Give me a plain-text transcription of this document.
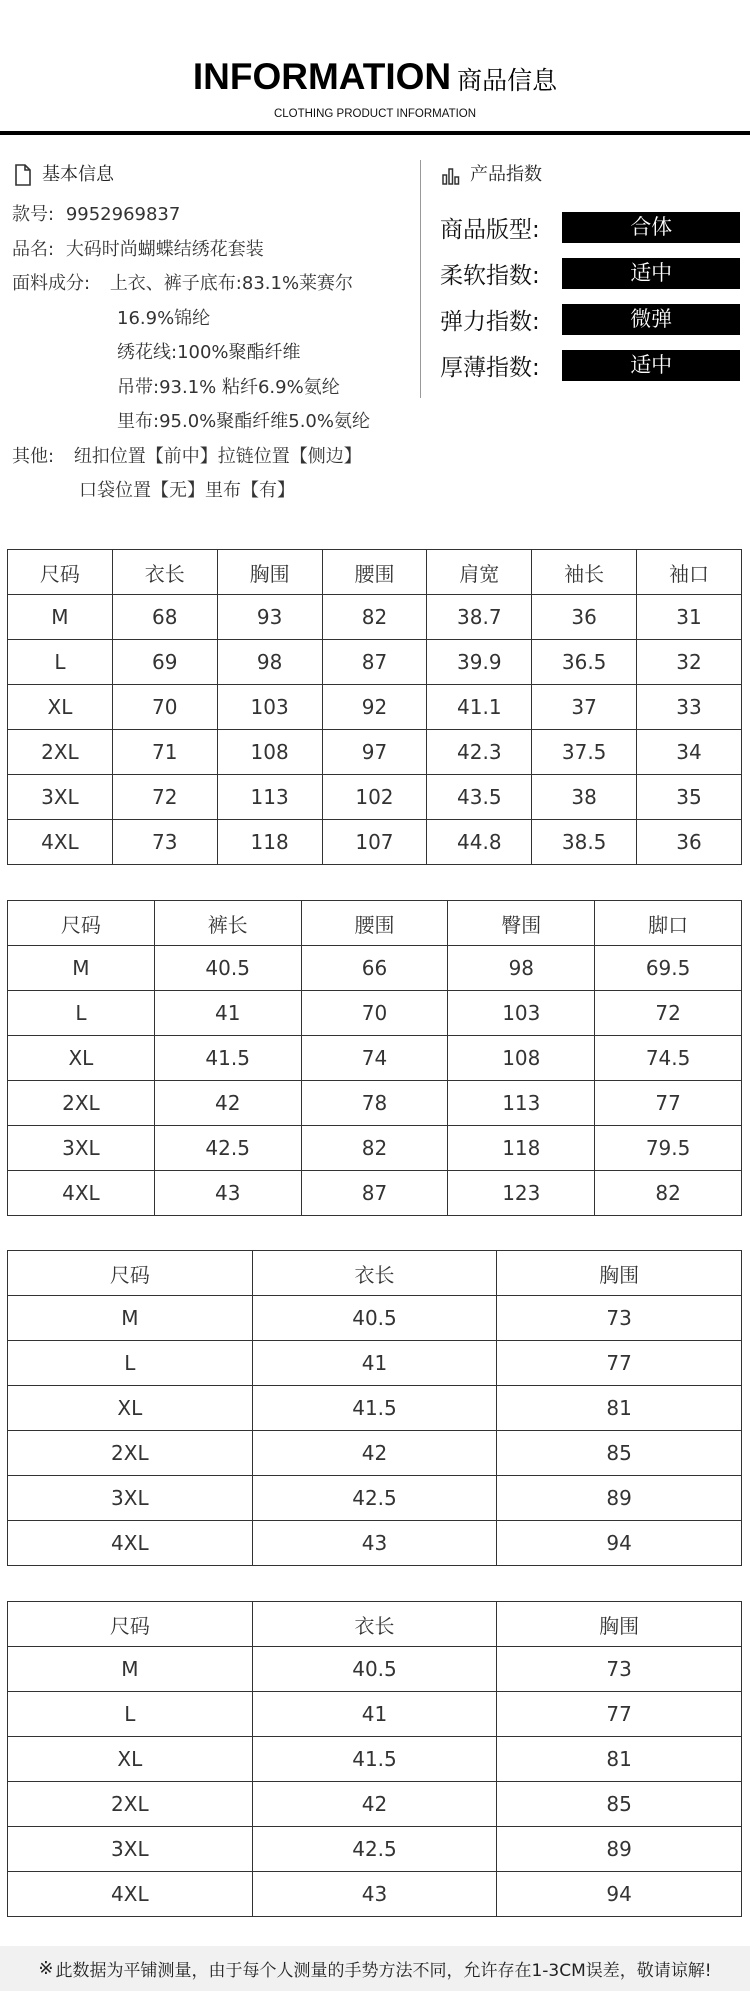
INFORMATION 商品信息
CLOTHING PRODUCT INFORMATION
基本信息
款号: 9952969837
品名: 大码时尚蝴蝶结绣花套装
面料成分: 上衣、裤子底布:83.1%莱赛尔
16.9%锦纶
绣花线:100%聚酯纤维
吊带:93.1% 粘纤6.9%氨纶
里布:95.0%聚酯纤维5.0%氨纶
其他: 纽扣位置【前中】拉链位置【侧边】
口袋位置【无】里布【有】
产品指数
商品版型:	合体
柔软指数:	适中
弹力指数:	微弹
厚薄指数:	适中
尺码	衣长	胸围	腰围	肩宽	袖长	袖口
M	68	93	82	38.7	36	31
L	69	98	87	39.9	36.5	32
XL	70	103	92	41.1	37	33
2XL	71	108	97	42.3	37.5	34
3XL	72	113	102	43.5	38	35
4XL	73	118	107	44.8	38.5	36
尺码	裤长	腰围	臀围	脚口
M	40.5	66	98	69.5
L	41	70	103	72
XL	41.5	74	108	74.5
2XL	42	78	113	77
3XL	42.5	82	118	79.5
4XL	43	87	123	82
尺码	衣长	胸围
M	40.5	73
L	41	77
XL	41.5	81
2XL	42	85
3XL	42.5	89
4XL	43	94
尺码	衣长	胸围
M	40.5	73
L	41	77
XL	41.5	81
2XL	42	85
3XL	42.5	89
4XL	43	94
※ 此数据为平铺测量，由于每个人测量的手势方法不同，允许存在1-3CM误差，敬请谅解!
